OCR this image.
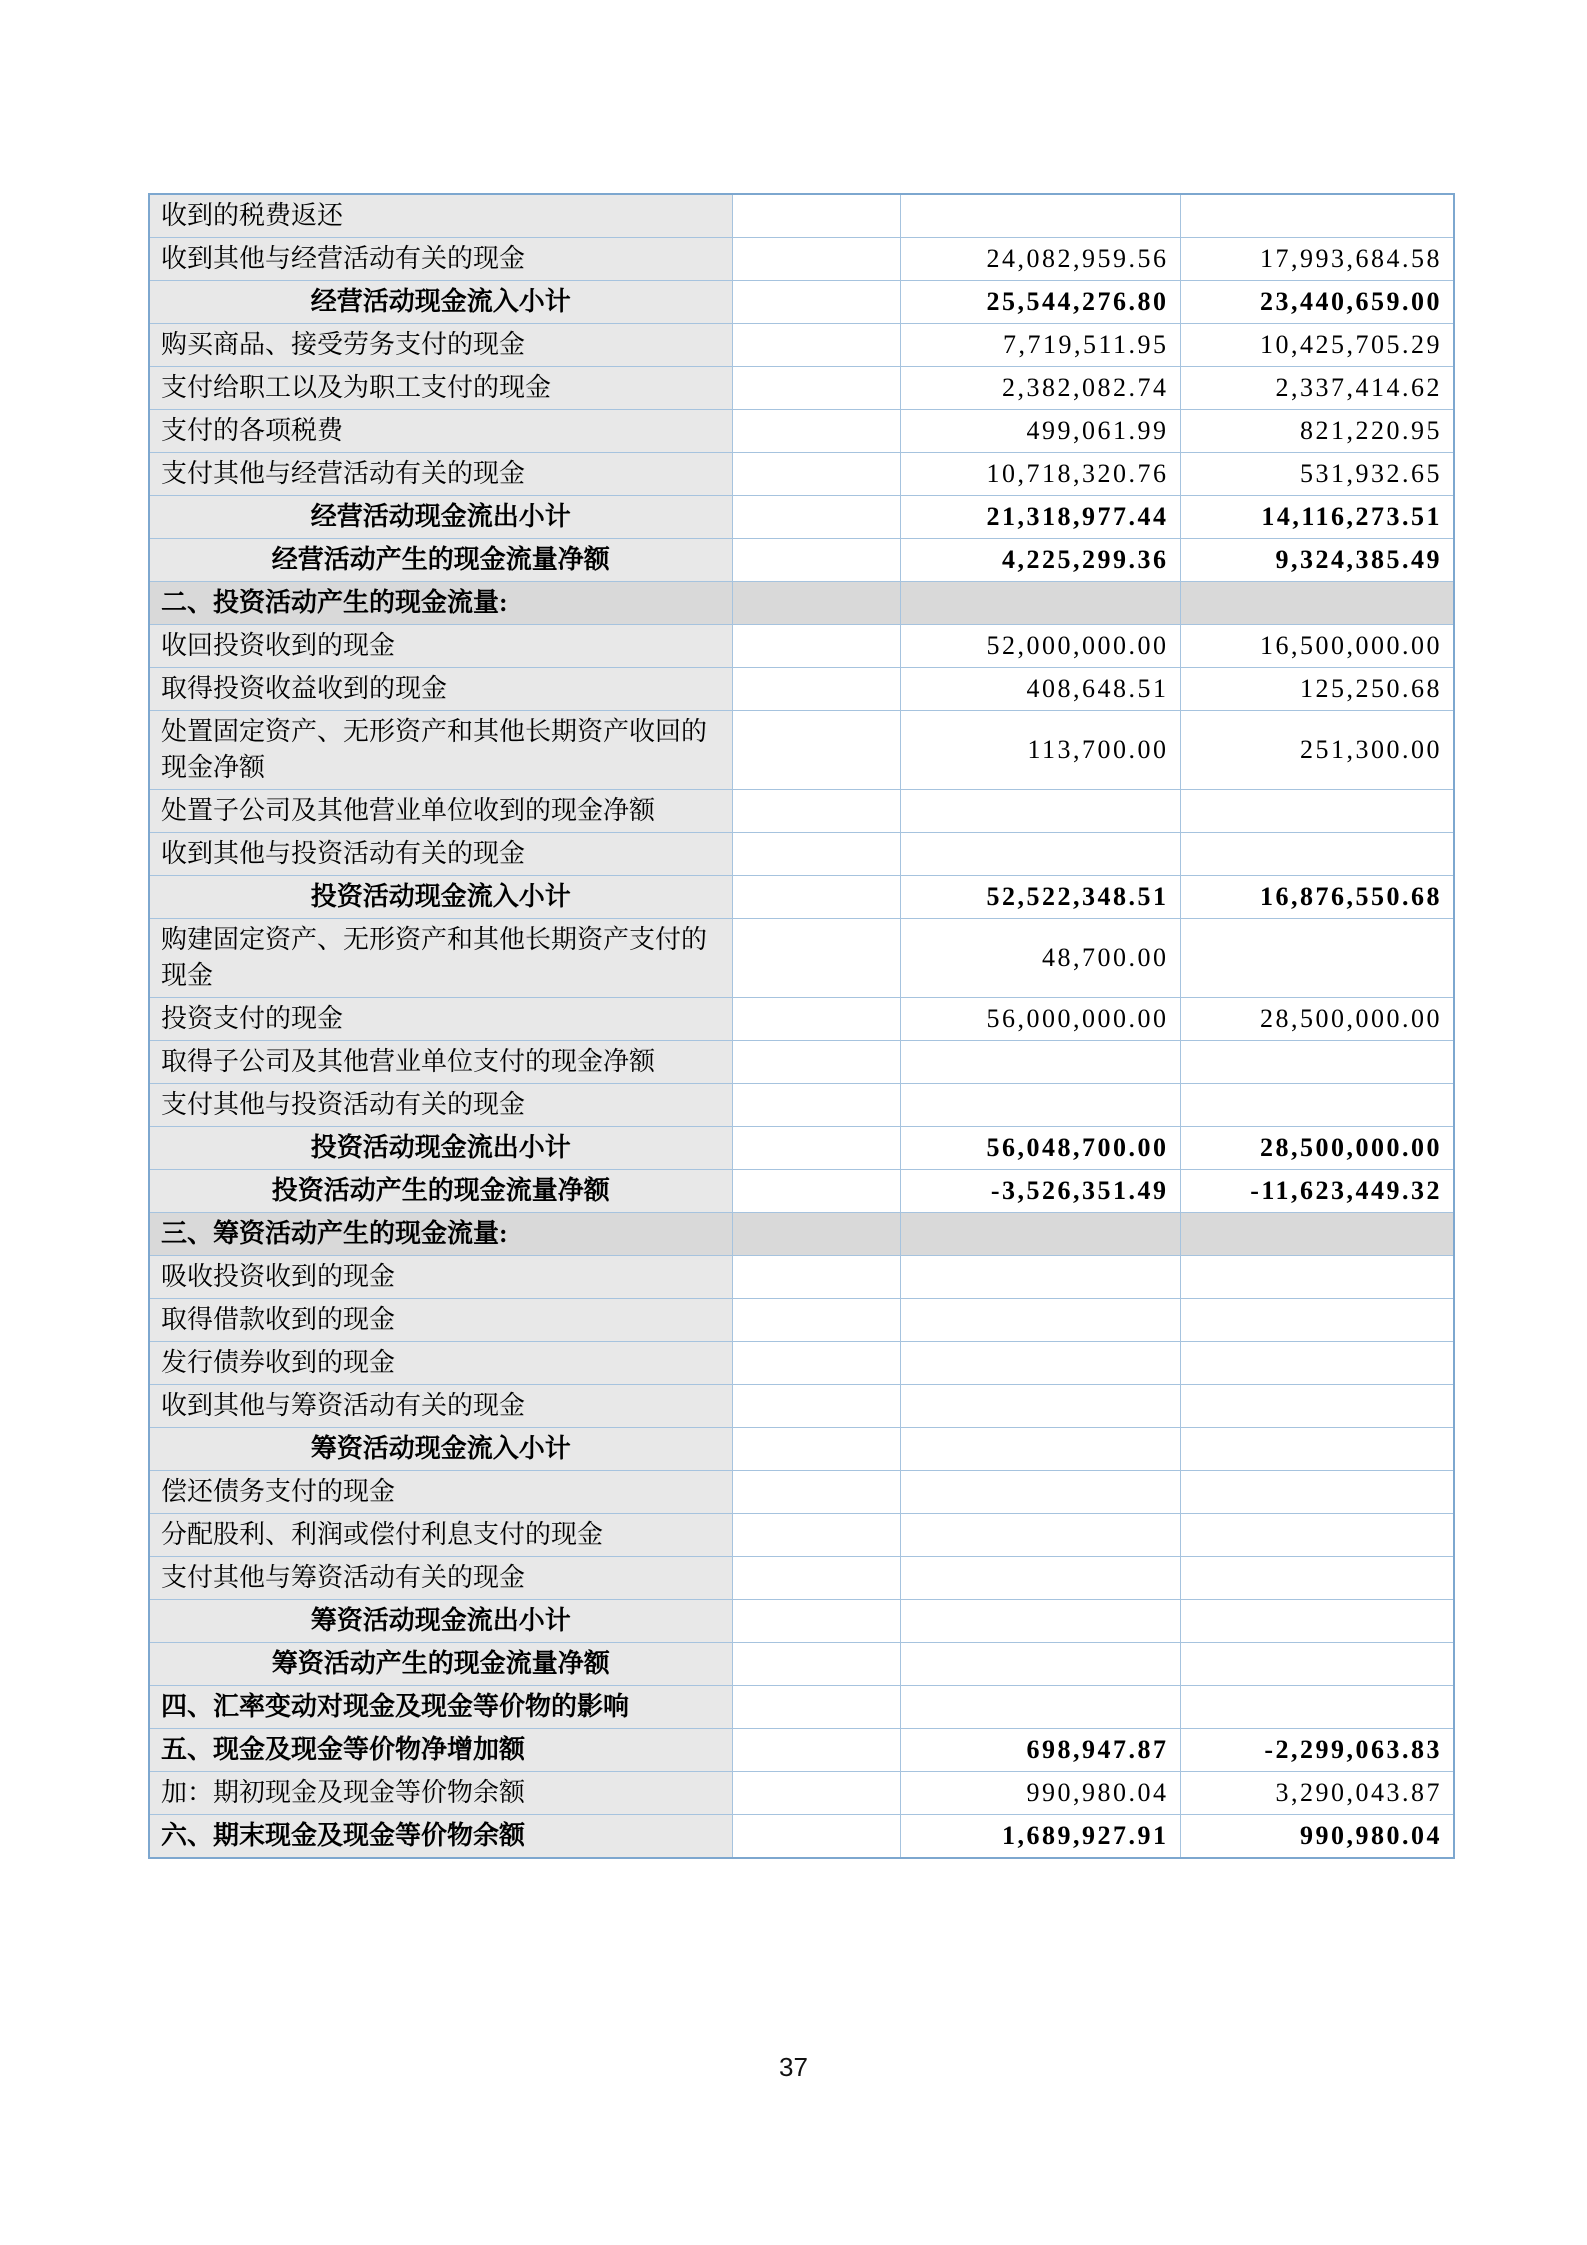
收到的税费返还			
收到其他与经营活动有关的现金		24,082,959.56	17,993,684.58
经营活动现金流入小计		25,544,276.80	23,440,659.00
购买商品、接受劳务支付的现金		7,719,511.95	10,425,705.29
支付给职工以及为职工支付的现金		2,382,082.74	2,337,414.62
支付的各项税费		499,061.99	821,220.95
支付其他与经营活动有关的现金		10,718,320.76	531,932.65
经营活动现金流出小计		21,318,977.44	14,116,273.51
经营活动产生的现金流量净额		4,225,299.36	9,324,385.49
二、投资活动产生的现金流量:			
收回投资收到的现金		52,000,000.00	16,500,000.00
取得投资收益收到的现金		408,648.51	125,250.68
处置固定资产、无形资产和其他长期资产收回的现金净额		113,700.00	251,300.00
处置子公司及其他营业单位收到的现金净额			
收到其他与投资活动有关的现金			
投资活动现金流入小计		52,522,348.51	16,876,550.68
购建固定资产、无形资产和其他长期资产支付的现金		48,700.00	
投资支付的现金		56,000,000.00	28,500,000.00
取得子公司及其他营业单位支付的现金净额			
支付其他与投资活动有关的现金			
投资活动现金流出小计		56,048,700.00	28,500,000.00
投资活动产生的现金流量净额		-3,526,351.49	-11,623,449.32
三、筹资活动产生的现金流量:			
吸收投资收到的现金			
取得借款收到的现金			
发行债券收到的现金			
收到其他与筹资活动有关的现金			
筹资活动现金流入小计			
偿还债务支付的现金			
分配股利、利润或偿付利息支付的现金			
支付其他与筹资活动有关的现金			
筹资活动现金流出小计			
筹资活动产生的现金流量净额			
四、汇率变动对现金及现金等价物的影响			
五、现金及现金等价物净增加额		698,947.87	-2,299,063.83
加：期初现金及现金等价物余额		990,980.04	3,290,043.87
六、期末现金及现金等价物余额		1,689,927.91	990,980.04
37
